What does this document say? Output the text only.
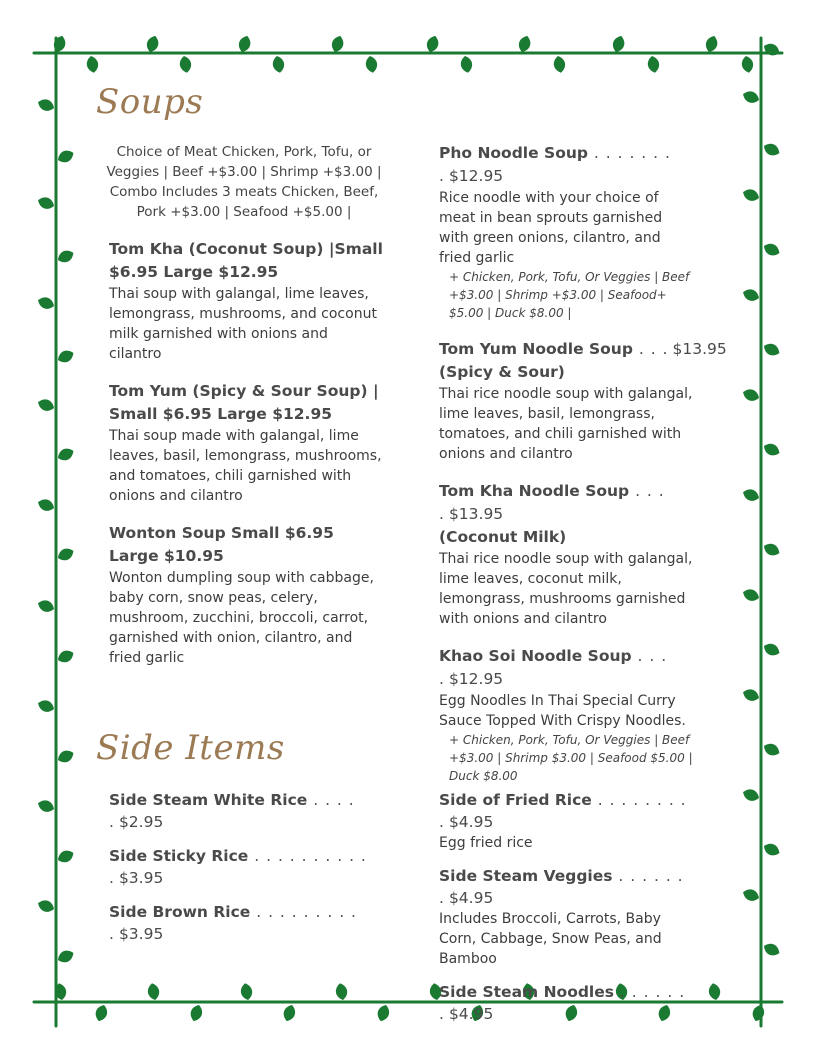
Soups

Choice of Meat Chicken, Pork, Tofu, or Veggies | Beef +$3.00 | Shrimp +$3.00 | Combo Includes 3 meats Chicken, Beef, Pork +$3.00 | Seafood +$5.00 |

Tom Kha (Coconut Soup) |Small $6.95 Large $12.95

Thai soup with galangal, lime leaves, lemongrass, mushrooms, and coconut milk garnished with onions and cilantro

Tom Yum (Spicy & Sour Soup) | Small $6.95 Large $12.95

Thai soup made with galangal, lime leaves, basil, lemongrass, mushrooms, and tomatoes, chili garnished with onions and cilantro

Wonton Soup Small $6.95 Large $10.95

Wonton dumpling soup with cabbage, baby corn, snow peas, celery, mushroom, zucchini, broccoli, carrot, garnished with onion, cilantro, and fried garlic

Pho Noodle Soup . . . . . . . . $12.95

Rice noodle with your choice of meat in bean sprouts garnished with green onions, cilantro, and fried garlic

+ Chicken, Pork, Tofu, Or Veggies | Beef +$3.00 | Shrimp +$3.00 | Seafood+ $5.00 | Duck $8.00 |

Tom Yum Noodle Soup . . . $13.95
(Spicy & Sour)

Thai rice noodle soup with galangal, lime leaves, basil, lemongrass, tomatoes, and chili garnished with onions and cilantro

Tom Kha Noodle Soup . . . . $13.95
(Coconut Milk)

Thai rice noodle soup with galangal, lime leaves, coconut milk, lemongrass, mushrooms garnished with onions and cilantro

Khao Soi Noodle Soup . . . . $12.95

Egg Noodles In Thai Special Curry Sauce Topped With Crispy Noodles.

+ Chicken, Pork, Tofu, Or Veggies | Beef +$3.00 | Shrimp $3.00 | Seafood $5.00 | Duck $8.00

Side Items
Side Steam White Rice . . . . . $2.95
Side Sticky Rice . . . . . . . . . . . $3.95
Side Brown Rice . . . . . . . . . . $3.95
Side of Fried Rice . . . . . . . . . $4.95

Egg fried rice

Side Steam Veggies . . . . . . . $4.95

Includes Broccoli, Carrots, Baby Corn, Cabbage, Snow Peas, and Bamboo

Side Steam Noodles . . . . . . . $4.95
